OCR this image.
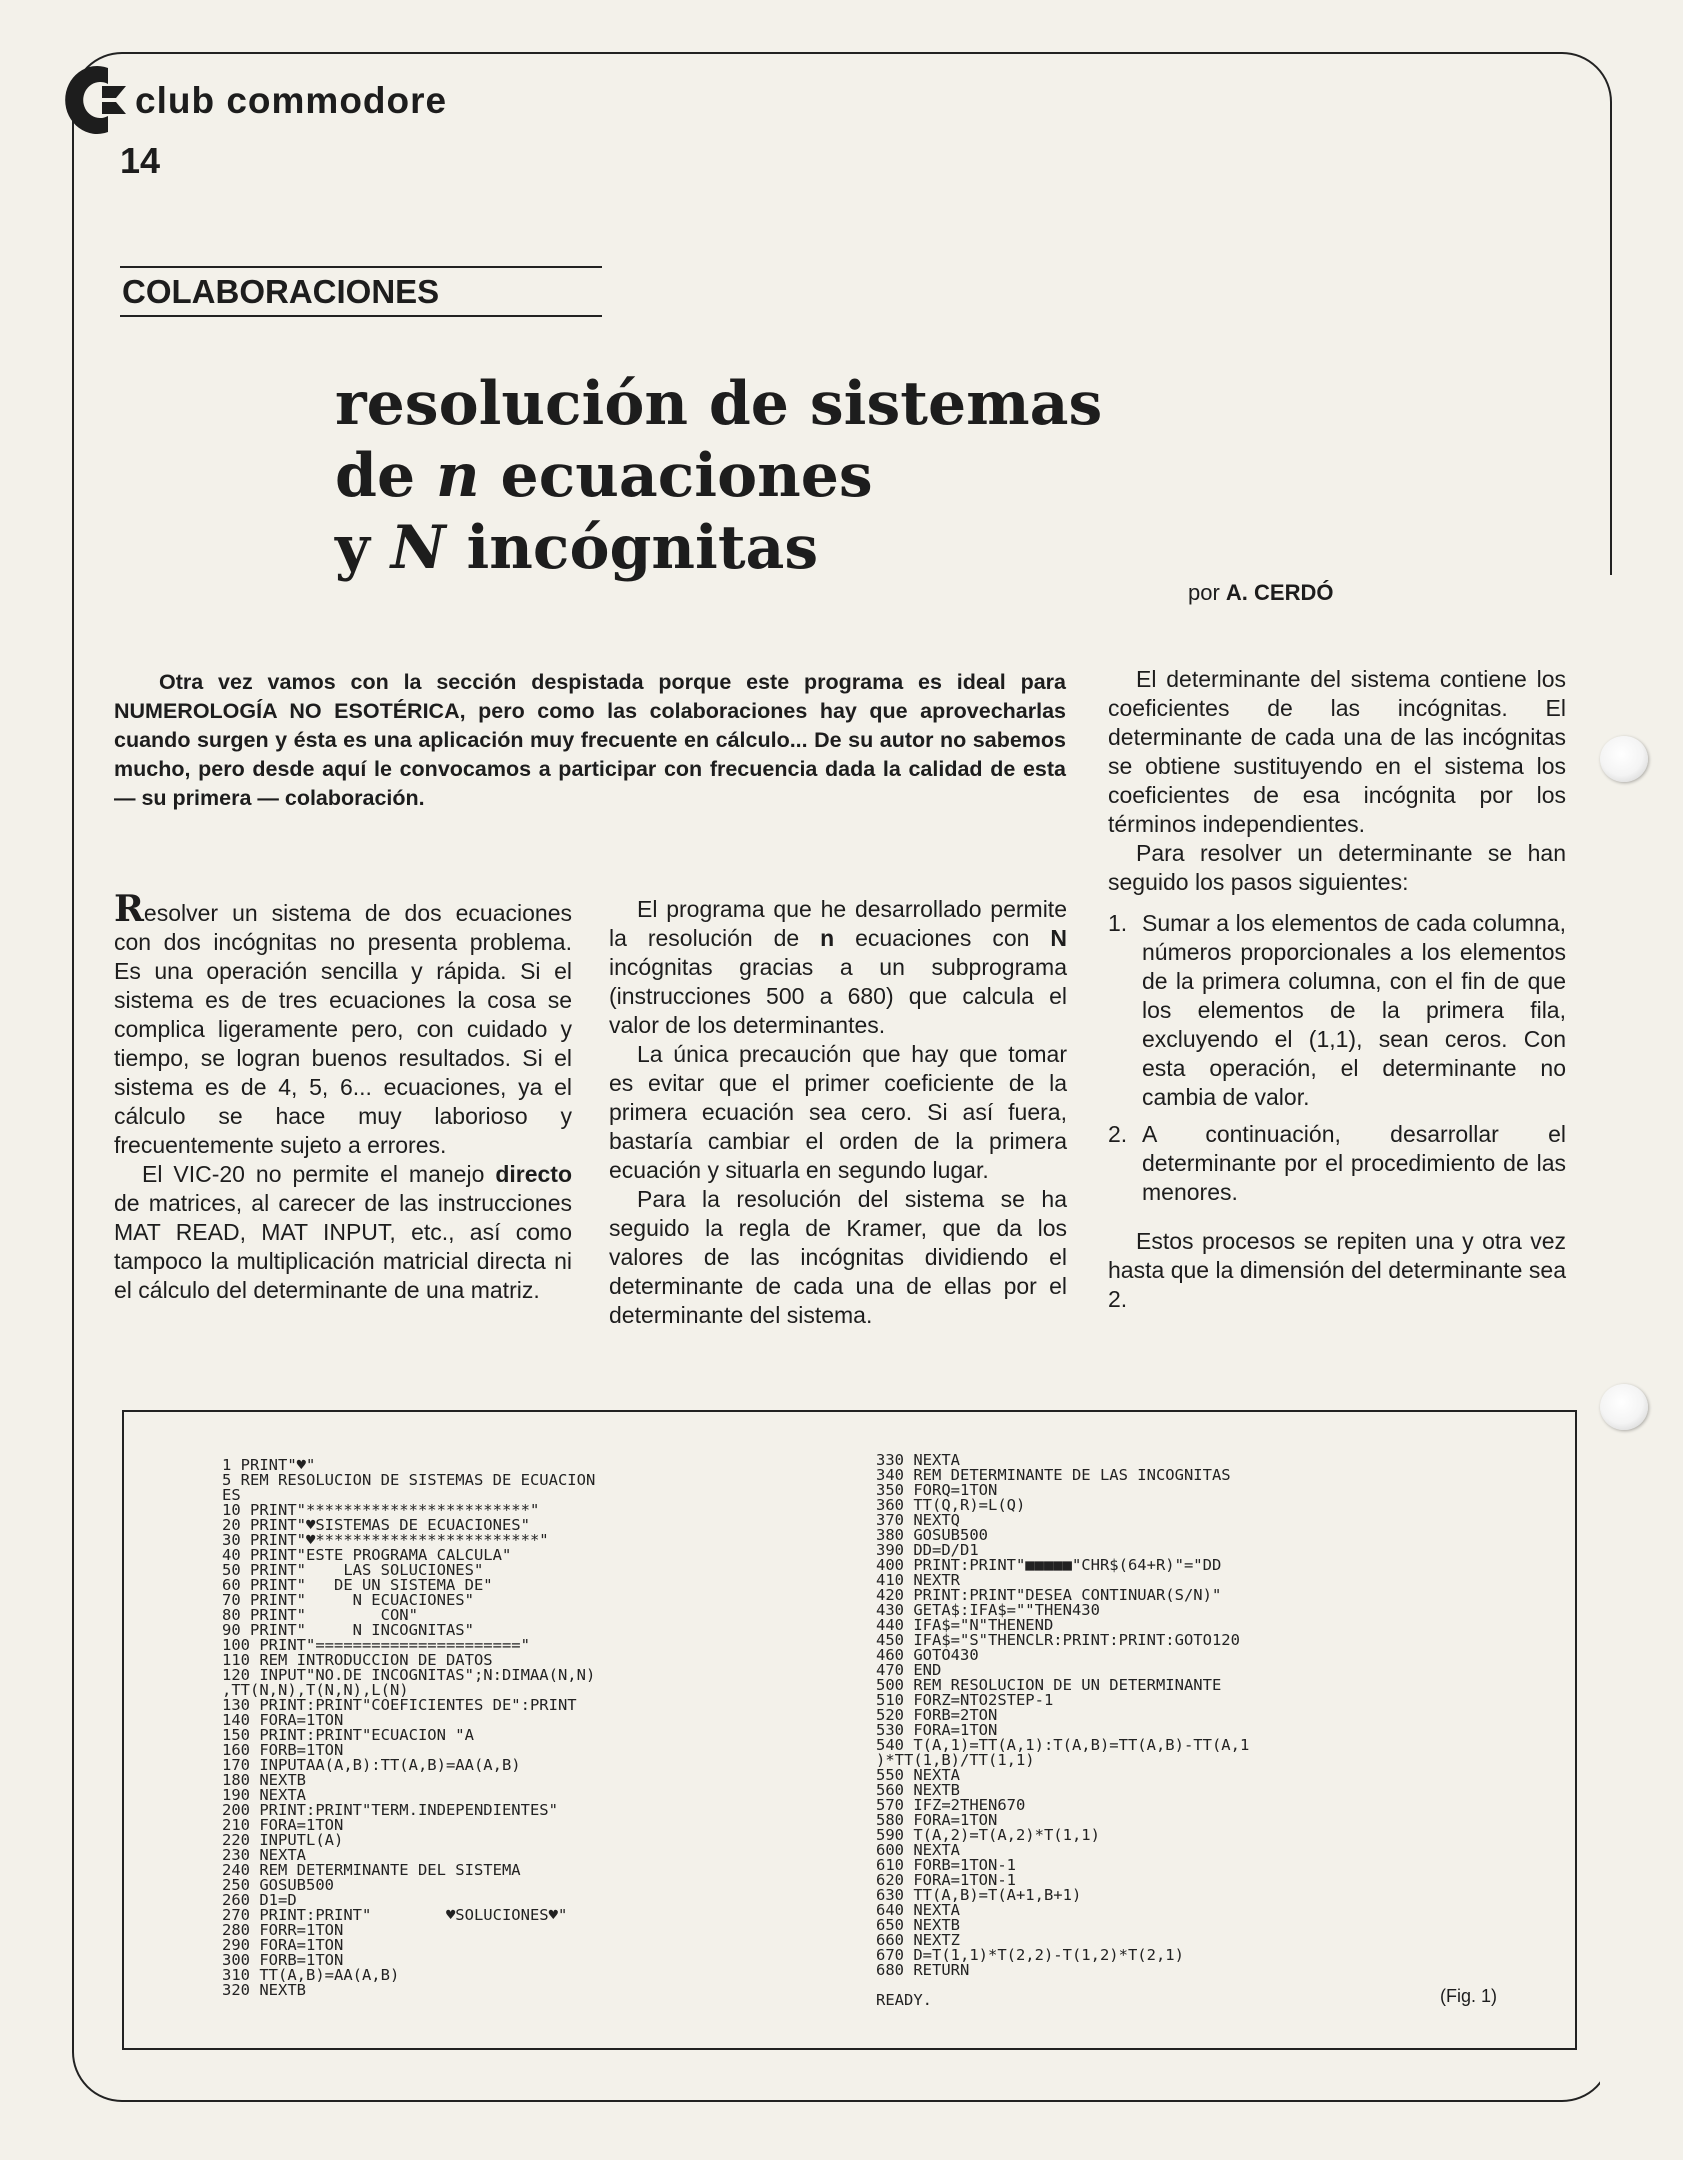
club commodore
14
COLABORACIONES
resolución de sistemas
de n ecuaciones
y N incógnitas
por A. CERDÓ
Otra vez vamos con la sección despistada porque este programa es ideal para NUMEROLOGÍA NO ESOTÉRICA, pero como las colaboraciones hay que aprovecharlas cuando surgen y ésta es una aplicación muy frecuente en cálculo... De su autor no sabemos mucho, pero desde aquí le convocamos a participar con frecuencia dada la calidad de esta — su primera — colaboración.

Resolver un sistema de dos ecuaciones con dos incógnitas no presenta problema. Es una operación sencilla y rápida. Si el sistema es de tres ecuaciones la cosa se complica ligeramente pero, con cuidado y tiempo, se logran buenos resultados. Si el sistema es de 4, 5, 6... ecuaciones, ya el cálculo se hace muy laborioso y frecuentemente sujeto a errores.

El VIC-20 no permite el manejo directo de matrices, al carecer de las instrucciones MAT READ, MAT INPUT, etc., así como tampoco la multiplicación matricial directa ni el cálculo del determinante de una matriz.

El programa que he desarrollado permite la resolución de n ecuaciones con N incógnitas gracias a un subprograma (instrucciones 500 a 680) que calcula el valor de los determinantes.

La única precaución que hay que tomar es evitar que el primer coeficiente de la primera ecuación sea cero. Si así fuera, bastaría cambiar el orden de la primera ecuación y situarla en segundo lugar.

Para la resolución del sistema se ha seguido la regla de Kramer, que da los valores de las incógnitas dividiendo el determinante de cada una de ellas por el determinante del sistema.

El determinante del sistema contiene los coeficientes de las incógnitas. El determinante de cada una de las incógnitas se obtiene sustituyendo en el sistema los coeficientes de esa incógnita por los términos independientes.

Para resolver un determinante se han seguido los pasos siguientes:

1. Sumar a los elementos de cada columna, números proporcionales a los elementos de la primera columna, con el fin de que los elementos de la primera fila, excluyendo el (1,1), sean ceros. Con esta operación, el determinante no cambia de valor.
2. A continuación, desarrollar el determinante por el procedimiento de las menores.

Estos procesos se repiten una y otra vez hasta que la dimensión del determinante sea 2.

1 PRINT"♥"
5 REM RESOLUCION DE SISTEMAS DE ECUACION
ES
10 PRINT"************************"
20 PRINT"♥SISTEMAS DE ECUACIONES"
30 PRINT"♥************************"
40 PRINT"ESTE PROGRAMA CALCULA"
50 PRINT"    LAS SOLUCIONES"
60 PRINT"   DE UN SISTEMA DE"
70 PRINT"     N ECUACIONES"
80 PRINT"        CON"
90 PRINT"     N INCOGNITAS"
100 PRINT"======================"
110 REM INTRODUCCION DE DATOS
120 INPUT"NO.DE INCOGNITAS";N:DIMAA(N,N)
,TT(N,N),T(N,N),L(N)
130 PRINT:PRINT"COEFICIENTES DE":PRINT
140 FORA=1TON
150 PRINT:PRINT"ECUACION "A
160 FORB=1TON
170 INPUTAA(A,B):TT(A,B)=AA(A,B)
180 NEXTB
190 NEXTA
200 PRINT:PRINT"TERM.INDEPENDIENTES"
210 FORA=1TON
220 INPUTL(A)
230 NEXTA
240 REM DETERMINANTE DEL SISTEMA
250 GOSUB500
260 D1=D
270 PRINT:PRINT"        ♥SOLUCIONES♥"
280 FORR=1TON
290 FORA=1TON
300 FORB=1TON
310 TT(A,B)=AA(A,B)
320 NEXTB
330 NEXTA
340 REM DETERMINANTE DE LAS INCOGNITAS
350 FORQ=1TON
360 TT(Q,R)=L(Q)
370 NEXTQ
380 GOSUB500
390 DD=D/D1
400 PRINT:PRINT"■■■■■"CHR$(64+R)"="DD
410 NEXTR
420 PRINT:PRINT"DESEA CONTINUAR(S/N)"
430 GETA$:IFA$=""THEN430
440 IFA$="N"THENEND
450 IFA$="S"THENCLR:PRINT:PRINT:GOTO120
460 GOTO430
470 END
500 REM RESOLUCION DE UN DETERMINANTE
510 FORZ=NTO2STEP-1
520 FORB=2TON
530 FORA=1TON
540 T(A,1)=TT(A,1):T(A,B)=TT(A,B)-TT(A,1
)*TT(1,B)/TT(1,1)
550 NEXTA
560 NEXTB
570 IFZ=2THEN670
580 FORA=1TON
590 T(A,2)=T(A,2)*T(1,1)
600 NEXTA
610 FORB=1TON-1
620 FORA=1TON-1
630 TT(A,B)=T(A+1,B+1)
640 NEXTA
650 NEXTB
660 NEXTZ
670 D=T(1,1)*T(2,2)-T(1,2)*T(2,1)
680 RETURN
READY.	(Fig. 1)
